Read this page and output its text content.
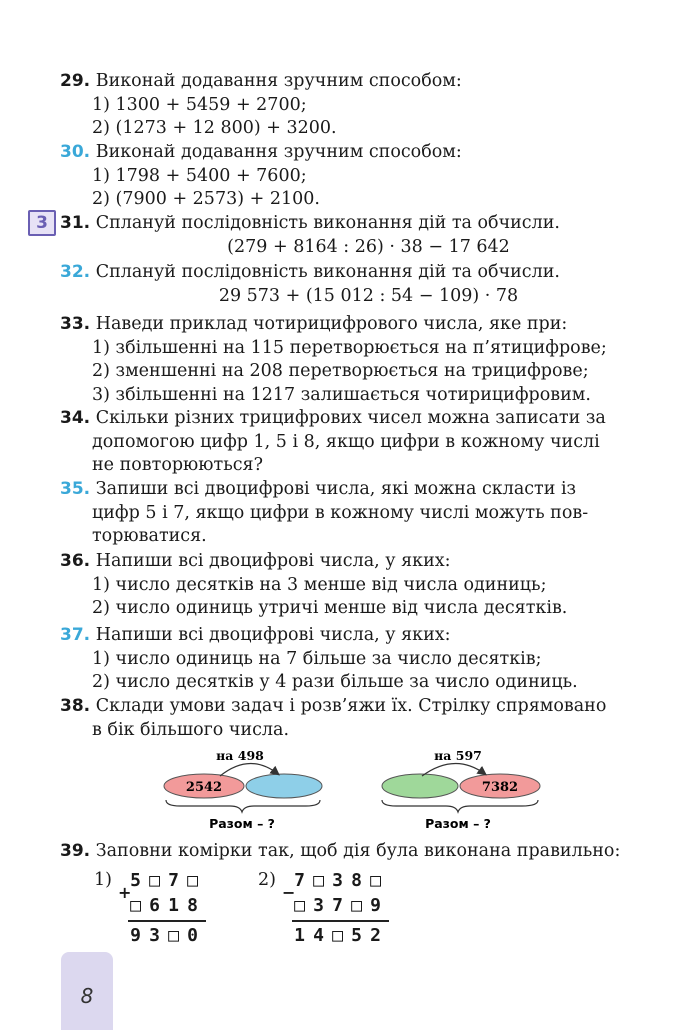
29. Виконай додавання зручним способом:
1) 1300 + 5459 + 2700;
2) (1273 + 12 800) + 3200.
30. Виконай додавання зручним способом:
1) 1798 + 5400 + 7600;
2) (7900 + 2573) + 2100.
3 31. Сплануй послідовність виконання дій та обчисли.
(279 + 8164 : 26) · 38 − 17 642
32. Сплануй послідовність виконання дій та обчисли.
29 573 + (15 012 : 54 − 109) · 78
33. Наведи приклад чотирицифрового числа, яке при:
1) збільшенні на 115 перетворюється на п’ятицифрове;
2) зменшенні на 208 перетворюється на трицифрове;
3) збільшенні на 1217 залишається чотирицифровим.
34. Скільки різних трицифрових чисел можна записати за
допомогою цифр 1, 5 і 8, якщо цифри в кожному числі
не повторюються?
35. Запиши всі двоцифрові числа, які можна скласти із
цифр 5 і 7, якщо цифри в кожному числі можуть пов-
торюватися.
36. Напиши всі двоцифрові числа, у яких:
1) число десятків на 3 менше від числа одиниць;
2) число одиниць утричі менше від числа десятків.
37. Напиши всі двоцифрові числа, у яких:
1) число одиниць на 7 більше за число десятків;
2) число десятків у 4 рази більше за число одиниць.
38. Склади умови задач і розв’яжи їх. Стрілку спрямовано
в бік більшого числа.
2542
на 498
Разом – ?
7382
на 597
Разом – ?
39. Заповни комірки так, щоб дія була виконана правильно:
1)
+
5 □ 7 □
□ 6 1 8
9 3 □ 0
2)
−
7 □ 3 8 □
□ 3 7 □ 9
1 4 □ 5 2
8
